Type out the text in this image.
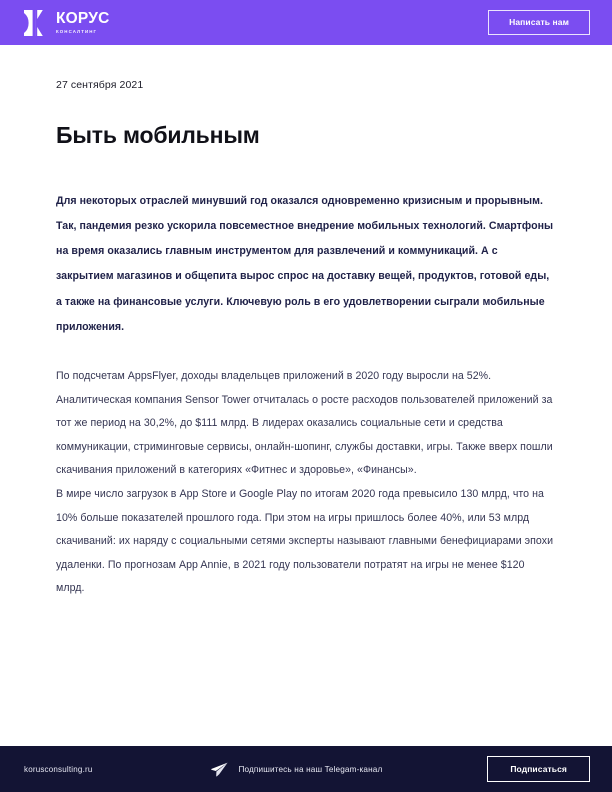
КОРУС
КОНСАЛТИНГ
Написать нам
27 сентября 2021
Быть мобильным
Для некоторых отраслей минувший год оказался одновременно кризисным и прорывным. Так, пандемия резко ускорила повсеместное внедрение мобильных технологий. Смартфоны на время оказались главным инструментом для развлечений и коммуникаций. А с закрытием магазинов и общепита вырос спрос на доставку вещей, продуктов, готовой еды, а также на финансовые услуги. Ключевую роль в его удовлетворении сыграли мобильные приложения.

По подсчетам AppsFlyer, доходы владельцев приложений в 2020 году выросли на 52%. Аналитическая компания Sensor Tower отчиталась о росте расходов пользователей приложений за тот же период на 30,2%, до $111 млрд. В лидерах оказались социальные сети и средства коммуникации, стриминговые сервисы, онлайн-шопинг, службы доставки, игры. Также вверх пошли скачивания приложений в категориях «Фитнес и здоровье», «Финансы».

В мире число загрузок в App Store и Google Play по итогам 2020 года превысило 130 млрд, что на 10% больше показателей прошлого года. При этом на игры пришлось более 40%, или 53 млрд скачиваний: их наряду с социальными сетями эксперты называют главными бенефициарами эпохи удаленки. По прогнозам App Annie, в 2021 году пользователи потратят на игры не менее $120 млрд.

korusconsulting.ru	Подпишитесь на наш Telegam-канал	Подписаться
